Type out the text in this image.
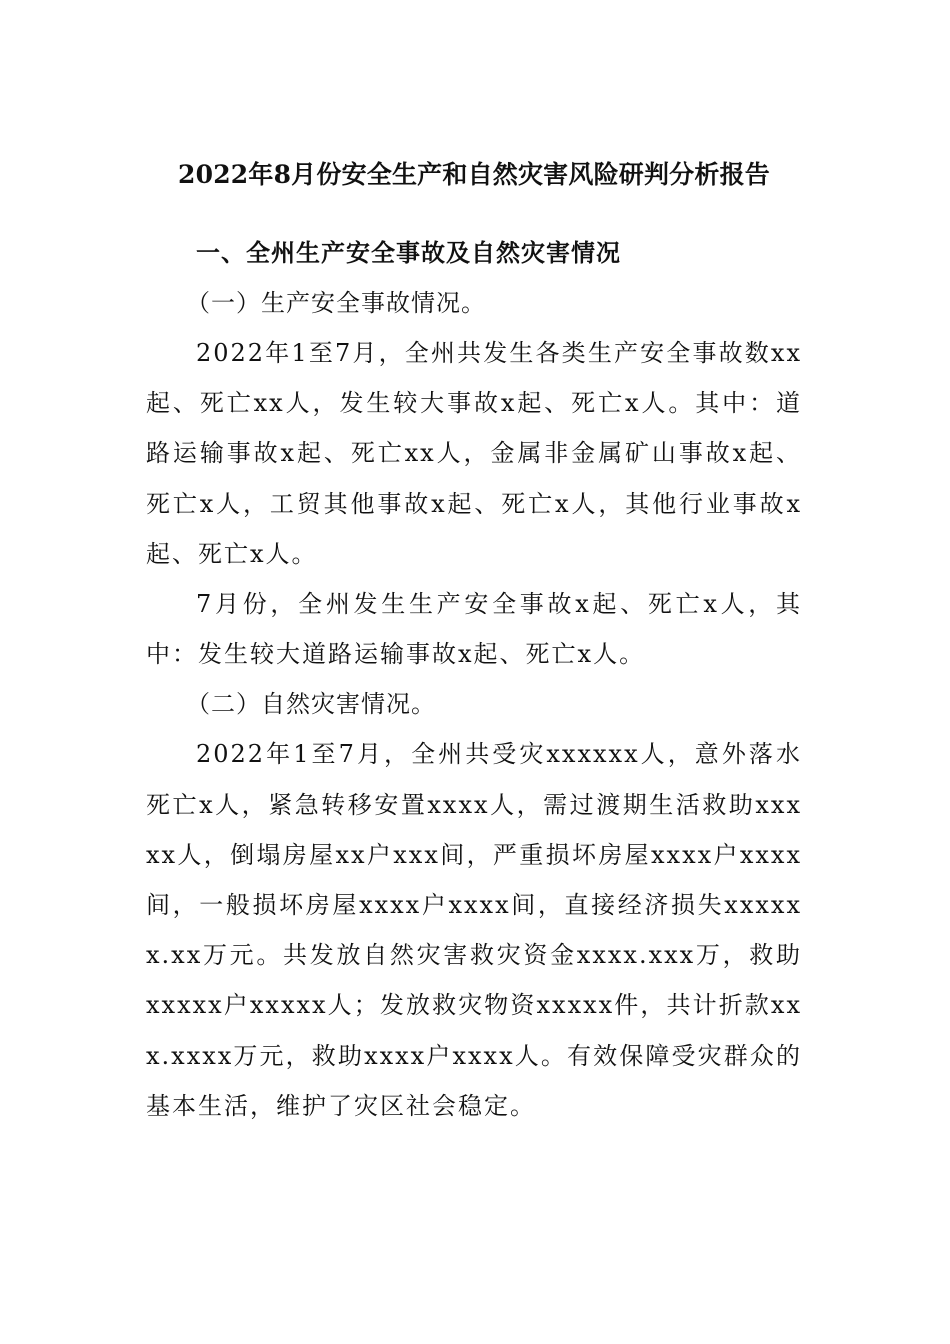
2022年8月份安全生产和自然灾害风险研判分析报告

一、全州生产安全事故及自然灾害情况

（一）生产安全事故情况。

2022年1至7月，全州共发生各类生产安全事故数xx起、死亡xx人，发生较大事故x起、死亡x人。其中：道路运输事故x起、死亡xx人，金属非金属矿山事故x起、死亡x人，工贸其他事故x起、死亡x人，其他行业事故x起、死亡x人。

7月份，全州发生生产安全事故x起、死亡x人，其中：发生较大道路运输事故x起、死亡x人。

（二）自然灾害情况。

2022年1至7月，全州共受灾xxxxxx人，意外落水死亡x人，紧急转移安置xxxx人，需过渡期生活救助xxxxx人，倒塌房屋xx户xxx间，严重损坏房屋xxxx户xxxx间，一般损坏房屋xxxx户xxxx间，直接经济损失xxxxxx.xx万元。共发放自然灾害救灾资金xxxx.xxx万，救助xxxxx户xxxxx人；发放救灾物资xxxxx件，共计折款xxx.xxxx万元，救助xxxx户xxxx人。有效保障受灾群众的基本生活，维护了灾区社会稳定。
